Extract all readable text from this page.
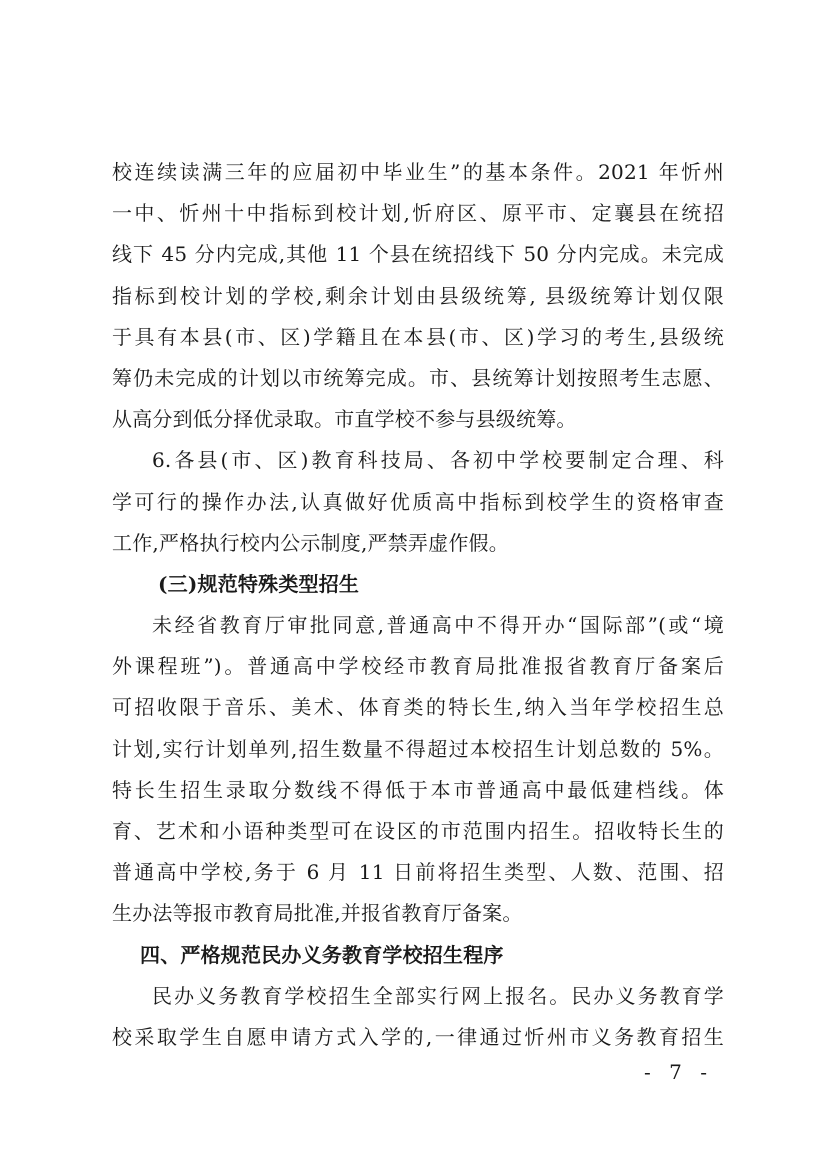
校连续读满三年的应届初中毕业生”的基本条件。2021 年忻州
一中、忻州十中指标到校计划,忻府区、原平市、定襄县在统招
线下 45 分内完成,其他 11 个县在统招线下 50 分内完成。未完成
指标到校计划的学校,剩余计划由县级统筹, 县级统筹计划仅限
于具有本县(市、区)学籍且在本县(市、区)学习的考生,县级统
筹仍未完成的计划以市统筹完成。市、县统筹计划按照考生志愿、
从高分到低分择优录取。市直学校不参与县级统筹。
6.各县(市、区)教育科技局、各初中学校要制定合理、科
学可行的操作办法,认真做好优质高中指标到校学生的资格审查
工作,严格执行校内公示制度,严禁弄虚作假。
(三)规范特殊类型招生
未经省教育厅审批同意,普通高中不得开办“国际部”(或“境
外课程班”)。普通高中学校经市教育局批准报省教育厅备案后
可招收限于音乐、美术、体育类的特长生,纳入当年学校招生总
计划,实行计划单列,招生数量不得超过本校招生计划总数的 5%。
特长生招生录取分数线不得低于本市普通高中最低建档线。体
育、艺术和小语种类型可在设区的市范围内招生。招收特长生的
普通高中学校,务于 6 月 11 日前将招生类型、人数、范围、招
生办法等报市教育局批准,并报省教育厅备案。
四、严格规范民办义务教育学校招生程序
民办义务教育学校招生全部实行网上报名。民办义务教育学
校采取学生自愿申请方式入学的,一律通过忻州市义务教育招生
- 7 -
